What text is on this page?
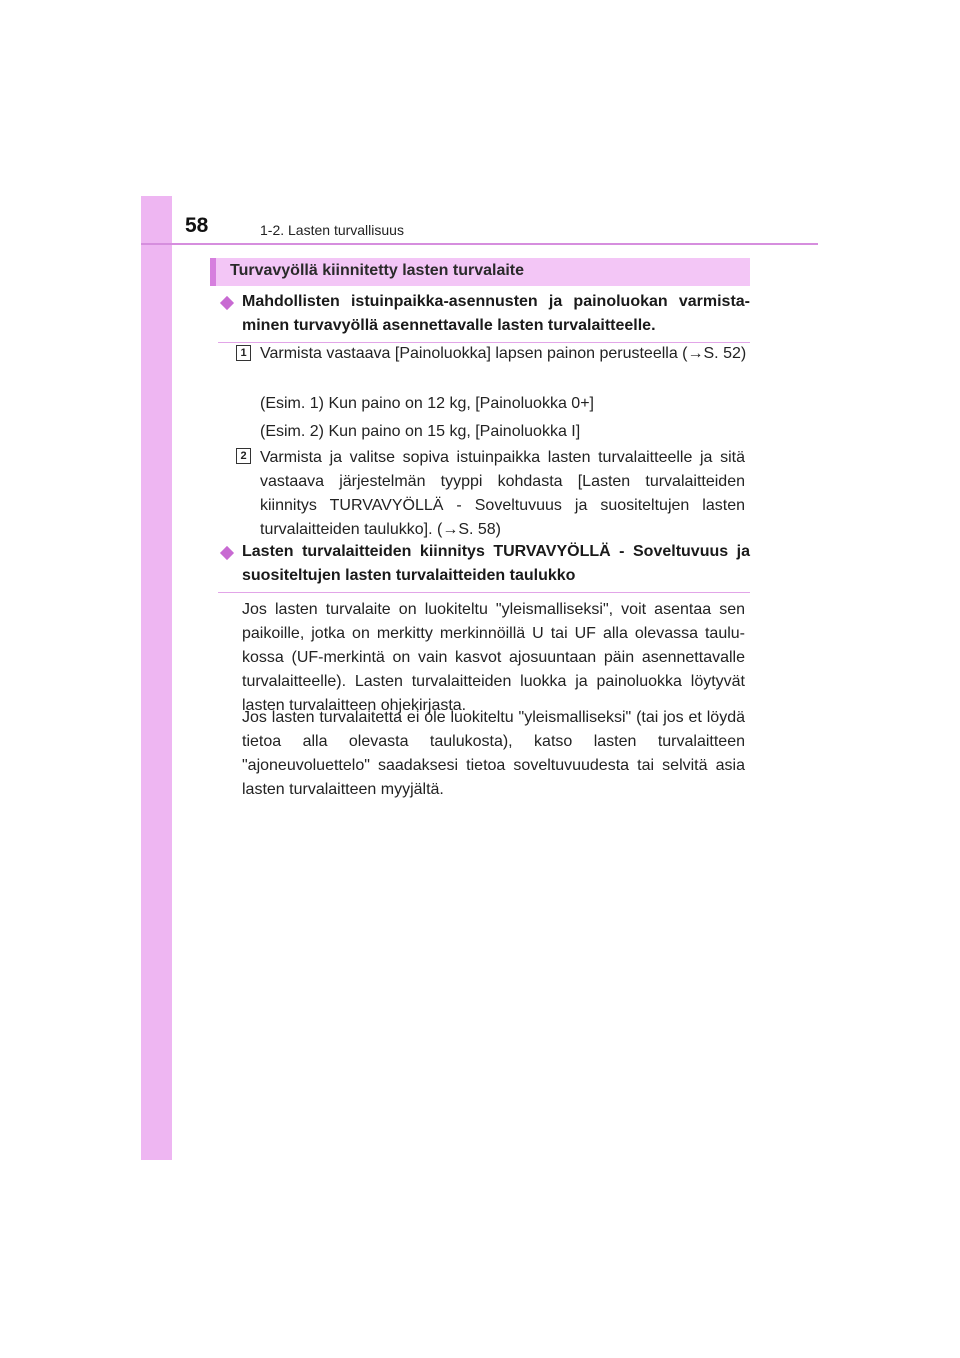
58	1-2. Lasten turvallisuus
Turvavyöllä kiinnitetty lasten turvalaite
Mahdollisten istuinpaikka-asennusten ja painoluokan varmista-minen turvavyöllä asennettavalle lasten turvalaitteelle.
1 Varmista vastaava [Painoluokka] lapsen painon perusteella (→S. 52)
(Esim. 1) Kun paino on 12 kg, [Painoluokka 0+]
(Esim. 2) Kun paino on 15 kg, [Painoluokka I]
2 Varmista ja valitse sopiva istuinpaikka lasten turvalaitteelle ja sitä vastaava järjestelmän tyyppi kohdasta [Lasten turvalaitteiden kiinnitys TURVAVYÖLLÄ - Soveltuvuus ja suositeltujen lasten turvalaitteiden taulukko]. (→S. 58)
Lasten turvalaitteiden kiinnitys TURVAVYÖLLÄ - Soveltuvuus ja suositeltujen lasten turvalaitteiden taulukko
Jos lasten turvalaite on luokiteltu "yleismalliseksi", voit asentaa sen paikoille, jotka on merkitty merkinnöillä U tai UF alla olevassa taulu-kossa (UF-merkintä on vain kasvot ajosuuntaan päin asennettavalle turvalaitteelle). Lasten turvalaitteiden luokka ja painoluokka löytyvät lasten turvalaitteen ohjekirjasta.
Jos lasten turvalaitetta ei ole luokiteltu "yleismalliseksi" (tai jos et löydä tietoa alla olevasta taulukosta), katso lasten turvalaitteen "ajoneuvoluettelo" saadaksesi tietoa soveltuvuudesta tai selvitä asia lasten turvalaitteen myyjältä.
